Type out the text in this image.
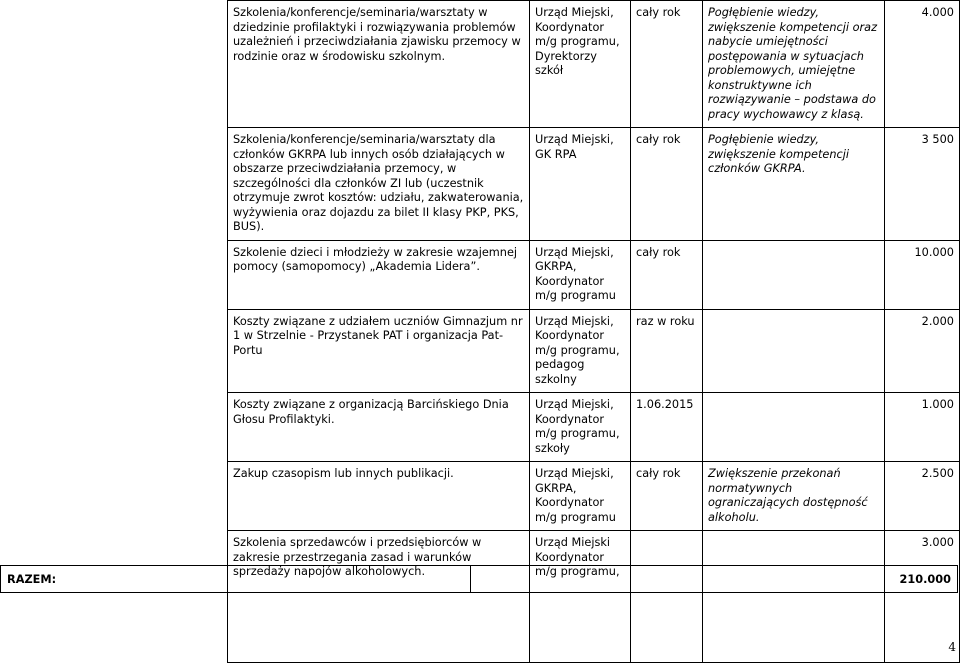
Szkolenia/konferencje/seminaria/warsztaty w dziedzinie profilaktyki i rozwiązywania problemów uzależnień i przeciwdziałania zjawisku przemocy w rodzinie oraz w środowisku szkolnym.	Urząd Miejski, Koordynator m/g programu, Dyrektorzy szkół	cały rok	Pogłębienie wiedzy, zwiększenie kompetencji oraz nabycie umiejętności postępowania w sytuacjach problemowych, umiejętne konstruktywne ich rozwiązywanie – podstawa do pracy wychowawcy z klasą.	4.000
Szkolenia/konferencje/seminaria/warsztaty dla członków GKRPA lub innych osób działających w obszarze przeciwdziałania przemocy, w szczególności dla członków ZI lub (uczestnik otrzymuje zwrot kosztów: udziału, zakwaterowania, wyżywienia oraz dojazdu za bilet II klasy PKP, PKS, BUS).	Urząd Miejski, GK RPA	cały rok	Pogłębienie wiedzy, zwiększenie kompetencji członków GKRPA.	3 500
Szkolenie dzieci i młodzieży w zakresie wzajemnej pomocy (samopomocy) „Akademia Lidera”.	Urząd Miejski, GKRPA, Koordynator m/g programu	cały rok		10.000
Koszty związane z udziałem uczniów Gimnazjum nr 1 w Strzelnie - Przystanek PAT i organizacja Pat-Portu	Urząd Miejski, Koordynator m/g programu, pedagog szkolny	raz w roku		2.000
Koszty związane z organizacją Barcińskiego Dnia Głosu Profilaktyki.	Urząd Miejski, Koordynator m/g programu, szkoły	1.06.2015		1.000
Zakup czasopism lub innych publikacji.	Urząd Miejski, GKRPA, Koordynator m/g programu	cały rok	Zwiększenie przekonań normatywnych ograniczających dostępność alkoholu.	2.500
Szkolenia sprzedawców i przedsiębiorców w zakresie przestrzegania zasad i warunków sprzedaży napojów alkoholowych.	Urząd Miejski Koordynator m/g programu,			3.000
RAZEM:	210.000
4
